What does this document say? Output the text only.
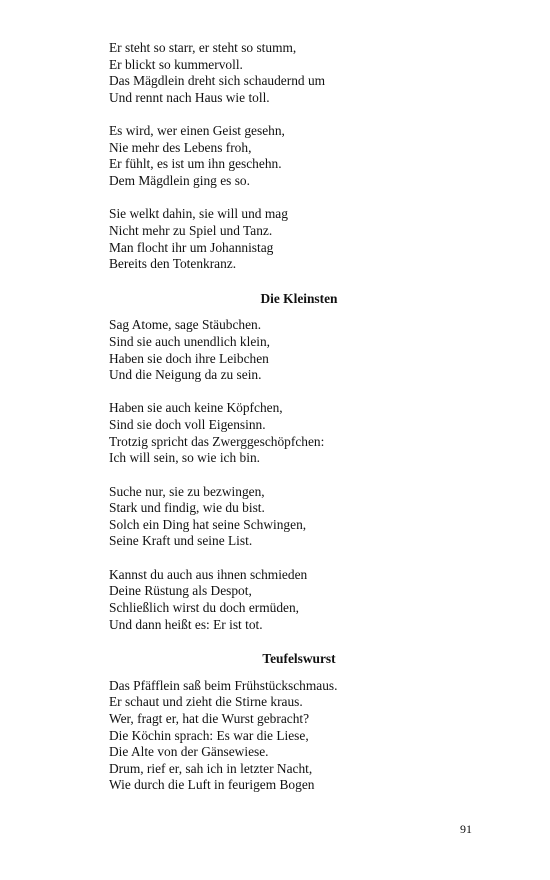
Er steht so starr, er steht so stumm,
Er blickt so kummervoll.
Das Mägdlein dreht sich schaudernd um
Und rennt nach Haus wie toll.
Es wird, wer einen Geist gesehn,
Nie mehr des Lebens froh,
Er fühlt, es ist um ihn geschehn.
Dem Mägdlein ging es so.
Sie welkt dahin, sie will und mag
Nicht mehr zu Spiel und Tanz.
Man flocht ihr um Johannistag
Bereits den Totenkranz.
Die Kleinsten
Sag Atome, sage Stäubchen.
Sind sie auch unendlich klein,
Haben sie doch ihre Leibchen
Und die Neigung da zu sein.
Haben sie auch keine Köpfchen,
Sind sie doch voll Eigensinn.
Trotzig spricht das Zwerggeschöpfchen:
Ich will sein, so wie ich bin.
Suche nur, sie zu bezwingen,
Stark und findig, wie du bist.
Solch ein Ding hat seine Schwingen,
Seine Kraft und seine List.
Kannst du auch aus ihnen schmieden
Deine Rüstung als Despot,
Schließlich wirst du doch ermüden,
Und dann heißt es: Er ist tot.
Teufelswurst
Das Pfäfflein saß beim Frühstückschmaus.
Er schaut und zieht die Stirne kraus.
Wer, fragt er, hat die Wurst gebracht?
Die Köchin sprach: Es war die Liese,
Die Alte von der Gänsewiese.
Drum, rief er, sah ich in letzter Nacht,
Wie durch die Luft in feurigem Bogen
91
